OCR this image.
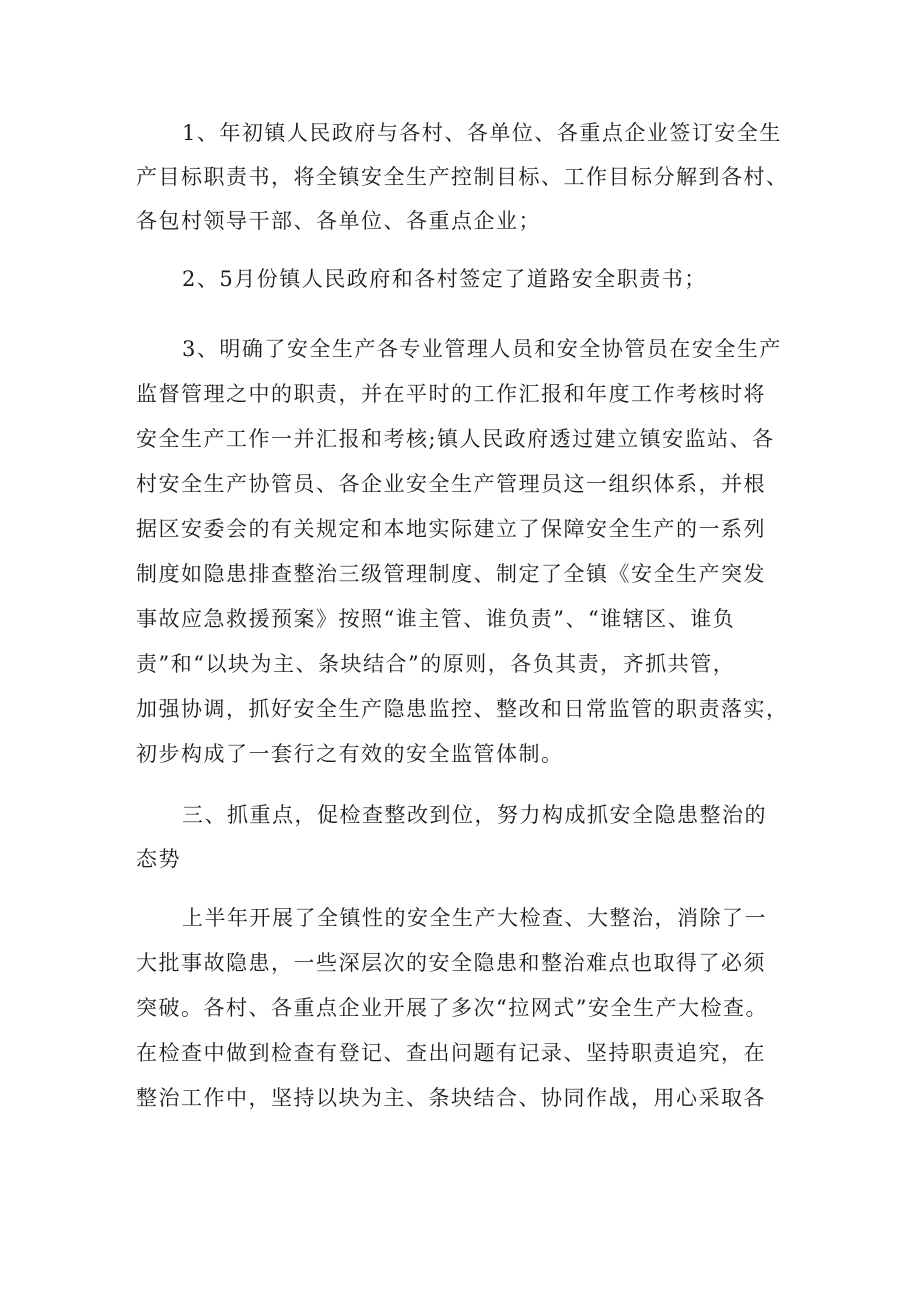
1、年初镇人民政府与各村、各单位、各重点企业签订安全生
产目标职责书，将全镇安全生产控制目标、工作目标分解到各村、
各包村领导干部、各单位、各重点企业；
2、5月份镇人民政府和各村签定了道路安全职责书；
3、明确了安全生产各专业管理人员和安全协管员在安全生产
监督管理之中的职责，并在平时的工作汇报和年度工作考核时将
安全生产工作一并汇报和考核;镇人民政府透过建立镇安监站、各
村安全生产协管员、各企业安全生产管理员这一组织体系，并根
据区安委会的有关规定和本地实际建立了保障安全生产的一系列
制度如隐患排查整治三级管理制度、制定了全镇《安全生产突发
事故应急救援预案》按照“谁主管、谁负责”、“谁辖区、谁负
责”和“以块为主、条块结合”的原则，各负其责，齐抓共管，
加强协调，抓好安全生产隐患监控、整改和日常监管的职责落实，
初步构成了一套行之有效的安全监管体制。
三、抓重点，促检查整改到位，努力构成抓安全隐患整治的
态势
上半年开展了全镇性的安全生产大检查、大整治，消除了一
大批事故隐患，一些深层次的安全隐患和整治难点也取得了必须
突破。各村、各重点企业开展了多次“拉网式”安全生产大检查。
在检查中做到检查有登记、查出问题有记录、坚持职责追究，在
整治工作中，坚持以块为主、条块结合、协同作战，用心采取各
